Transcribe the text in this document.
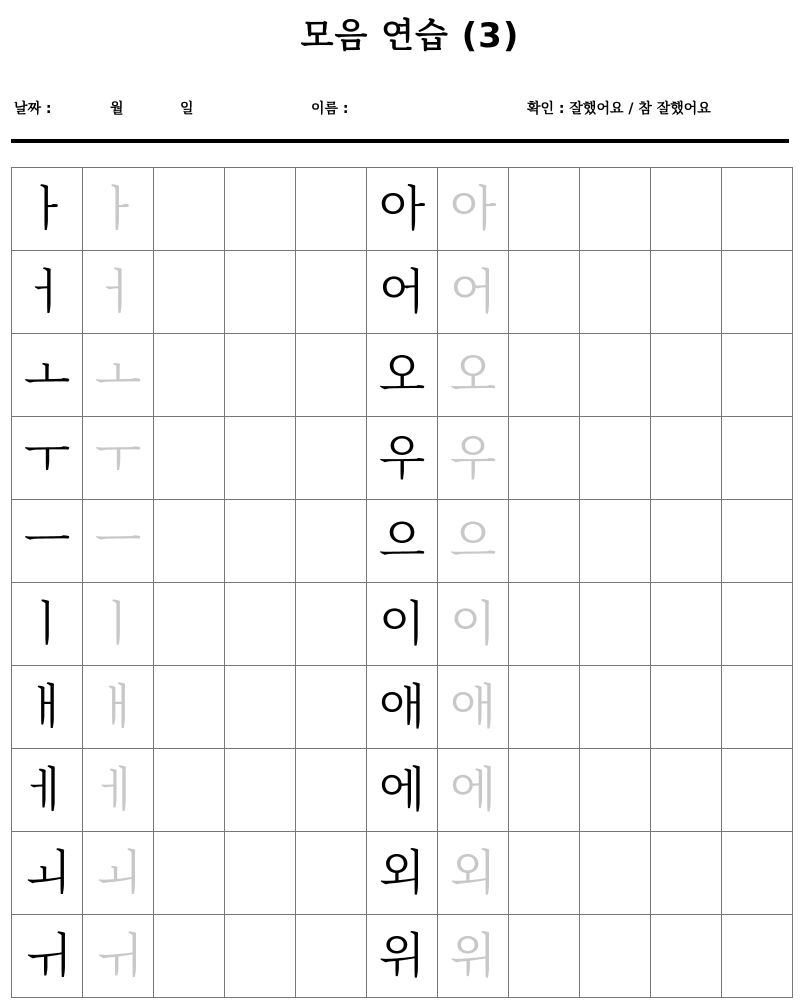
모음 연습 (3)
날짜 :	월	일	이름 :	확인 : 잘했어요 / 참 잘했어요
ㅏ	ㅏ				아	아				
ㅓ	ㅓ				어	어				
ㅗ	ㅗ				오	오				
ㅜ	ㅜ				우	우				
ㅡ	ㅡ				으	으				
ㅣ	ㅣ				이	이				
ㅐ	ㅐ				애	애				
ㅔ	ㅔ				에	에				
ㅚ	ㅚ				외	외				
ㅟ	ㅟ				위	위				
